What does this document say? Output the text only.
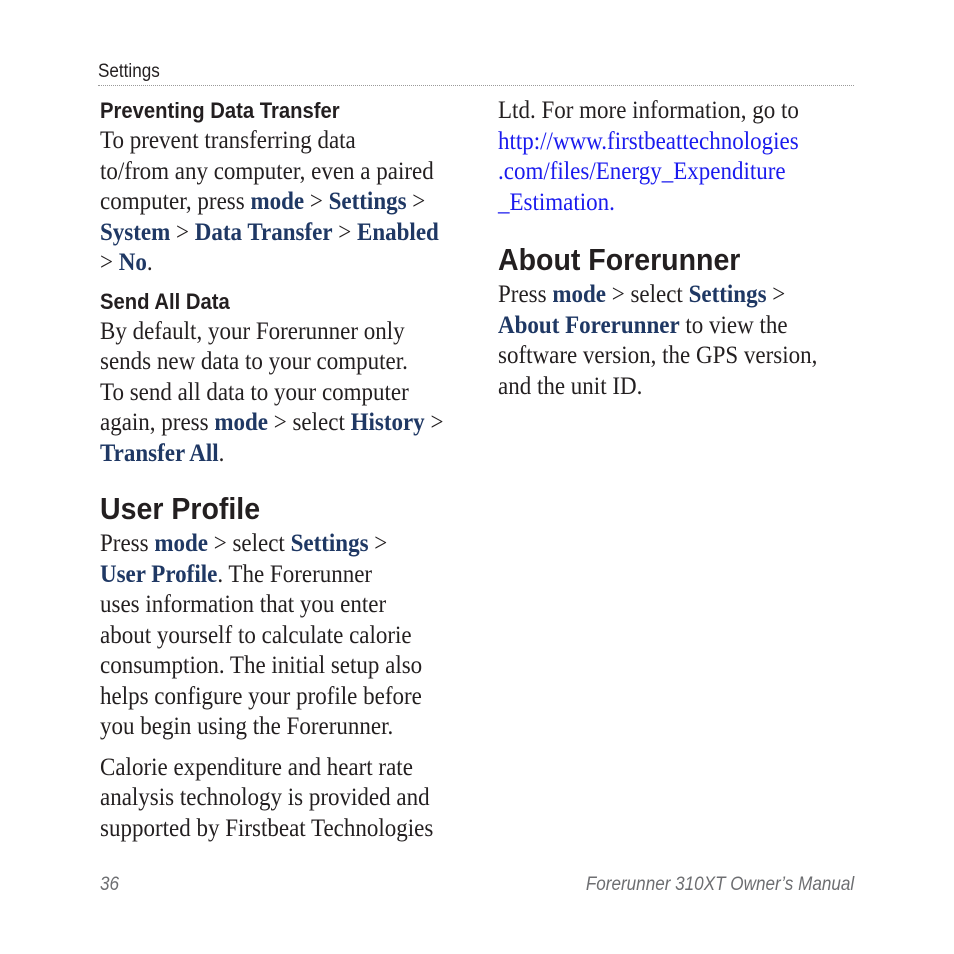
Settings
Preventing Data Transfer

To prevent transferring data
to/from any computer, even a paired
computer, press mode > Settings >
System > Data Transfer > Enabled
> No.

Send All Data

By default, your Forerunner only
sends new data to your computer.
To send all data to your computer
again, press mode > select History >
Transfer All.

User Profile

Press mode > select Settings >
User Profile. The Forerunner
uses information that you enter
about yourself to calculate calorie
consumption. The initial setup also
helps configure your profile before
you begin using the Forerunner.

Calorie expenditure and heart rate
analysis technology is provided and
supported by Firstbeat Technologies

Ltd. For more information, go to
http://www.firstbeattechnologies
.com/files/Energy_Expenditure
_Estimation.

About Forerunner

Press mode > select Settings >
About Forerunner to view the
software version, the GPS version,
and the unit ID.

36	Forerunner 310XT Owner’s Manual
